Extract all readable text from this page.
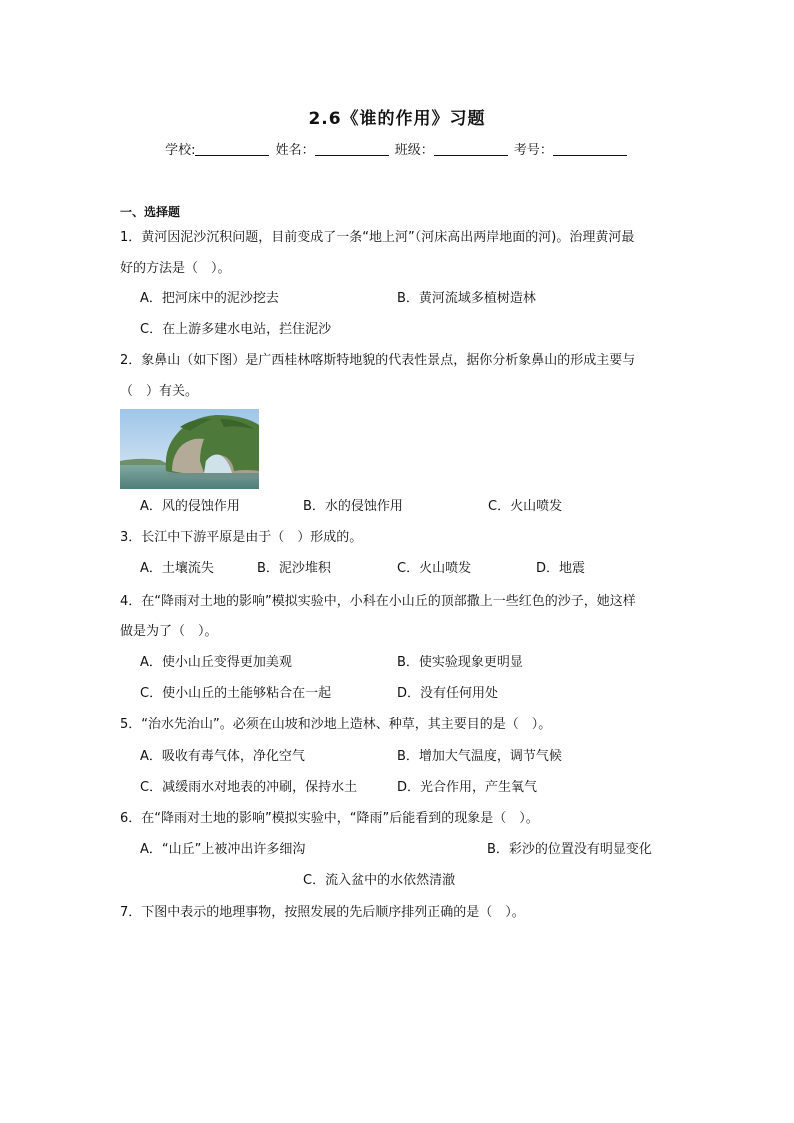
2.6《谁的作用》习题
学校:	姓名：	班级：	考号：
一、选择题
1．黄河因泥沙沉积问题，目前变成了一条“地上河”（河床高出两岸地面的河)。治理黄河最
好的方法是（　）。
A．把河床中的泥沙挖去	B．黄河流域多植树造林
C．在上游多建水电站，拦住泥沙
2．象鼻山（如下图）是广西桂林喀斯特地貌的代表性景点，据你分析象鼻山的形成主要与
（　）有关。
A．风的侵蚀作用	B．水的侵蚀作用	C．火山喷发
3．长江中下游平原是由于（　）形成的。
A．土壤流失	B．泥沙堆积	C．火山喷发	D．地震
4．在“降雨对土地的影响”模拟实验中，小科在小山丘的顶部撒上一些红色的沙子，她这样
做是为了（　）。
A．使小山丘变得更加美观	B．使实验现象更明显
C．使小山丘的土能够粘合在一起	D．没有任何用处
5．“治水先治山”。必须在山坡和沙地上造林、种草，其主要目的是（　）。
A．吸收有毒气体，净化空气	B．增加大气温度，调节气候
C．减缓雨水对地表的冲刷，保持水土	D．光合作用，产生氧气
6．在“降雨对土地的影响”模拟实验中，“降雨”后能看到的现象是（　）。
A．“山丘”上被冲出许多细沟	B．彩沙的位置没有明显变化
C．流入盆中的水依然清澈
7．下图中表示的地理事物，按照发展的先后顺序排列正确的是（　）。
